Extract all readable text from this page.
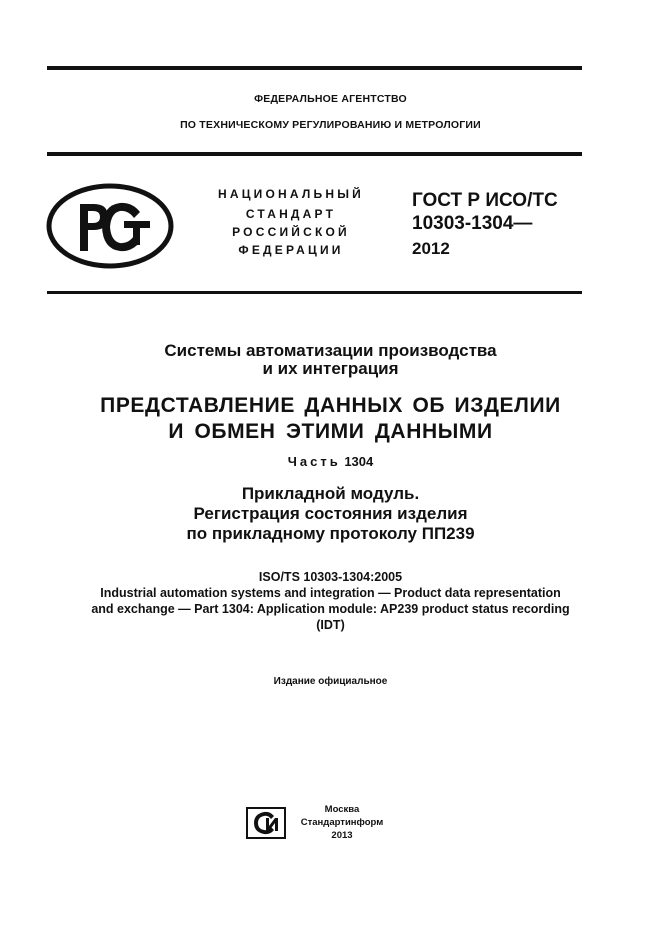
ФЕДЕРАЛЬНОЕ АГЕНТСТВО
ПО ТЕХНИЧЕСКОМУ РЕГУЛИРОВАНИЮ И МЕТРОЛОГИИ
НАЦИОНАЛЬНЫЙ
СТАНДАРТ
РОССИЙСКОЙ
ФЕДЕРАЦИИ
ГОСТ Р ИСО/ТС
10303-1304—
2012
Системы автоматизации производства
и их интеграция
ПРЕДСТАВЛЕНИЕ ДАННЫХ ОБ ИЗДЕЛИИ
И ОБМЕН ЭТИМИ ДАННЫМИ
Часть 1304
Прикладной модуль.
Регистрация состояния изделия
по прикладному протоколу ПП239
ISO/TS 10303-1304:2005
Industrial automation systems and integration — Product data representation
and exchange — Part 1304: Application module: AP239 product status recording
(IDT)
Издание официальное
Москва
Стандартинформ
2013
